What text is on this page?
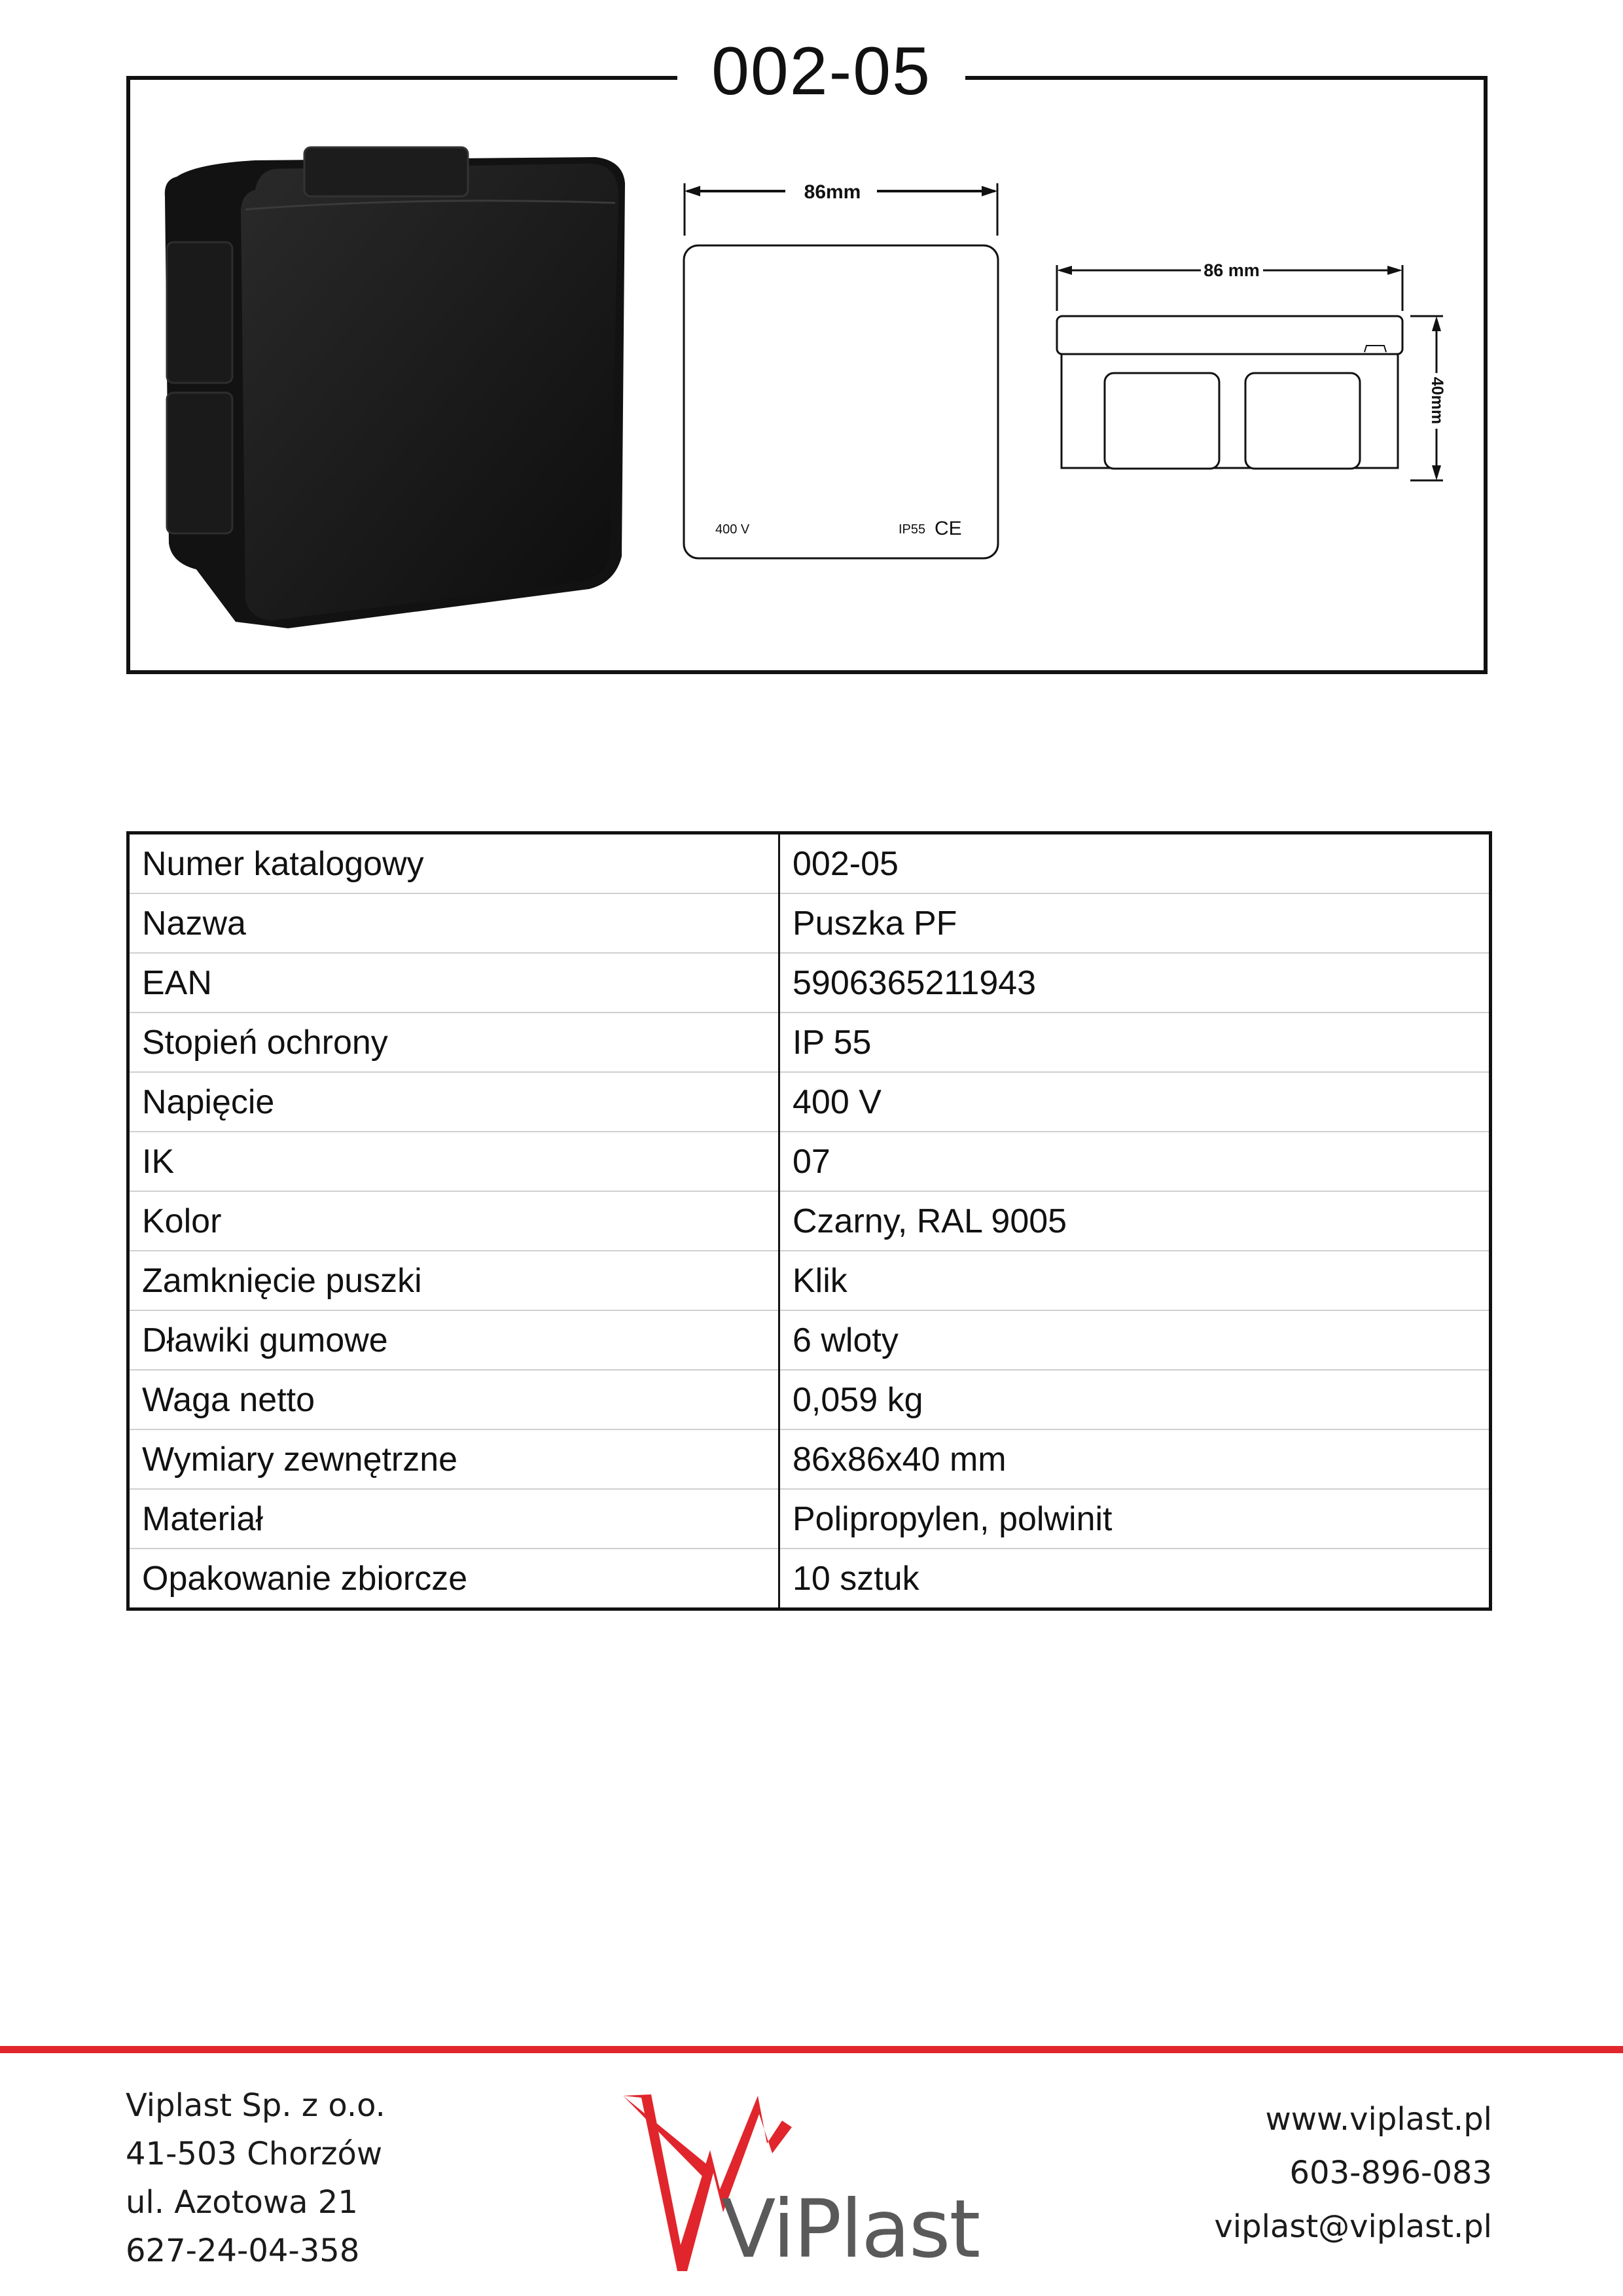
002-05
86mm
400 V	IP55 CE
86 mm
40mm
Numer katalogowy	002-05
Nazwa	Puszka PF
EAN	5906365211943
Stopień ochrony	IP 55
Napięcie	400 V
IK	07
Kolor	Czarny, RAL 9005
Zamknięcie puszki	Klik
Dławiki gumowe	6 wloty
Waga netto	0,059 kg
Wymiary zewnętrzne	86x86x40 mm
Materiał	Polipropylen, polwinit
Opakowanie zbiorcze	10 sztuk
Viplast Sp. z o.o.
41-503 Chorzów
ul. Azotowa 21
627-24-04-358	ViPlast
www.viplast.pl
603-896-083
viplast@viplast.pl
